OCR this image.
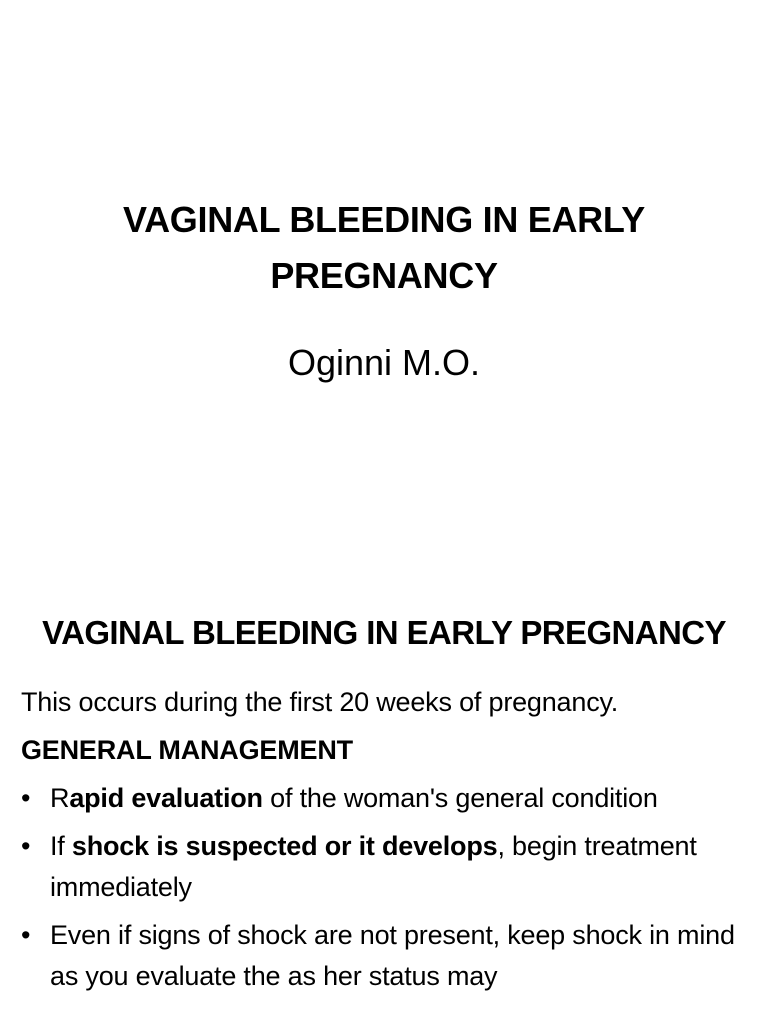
VAGINAL BLEEDING IN EARLY PREGNANCY
Oginni M.O.
VAGINAL BLEEDING IN EARLY PREGNANCY
This occurs during the first 20 weeks of pregnancy.
GENERAL MANAGEMENT
• Rapid evaluation of the woman's general condition
• If shock is suspected or it develops, begin treatment immediately
• Even if signs of shock are not present, keep shock in mind as you evaluate the as her status may
